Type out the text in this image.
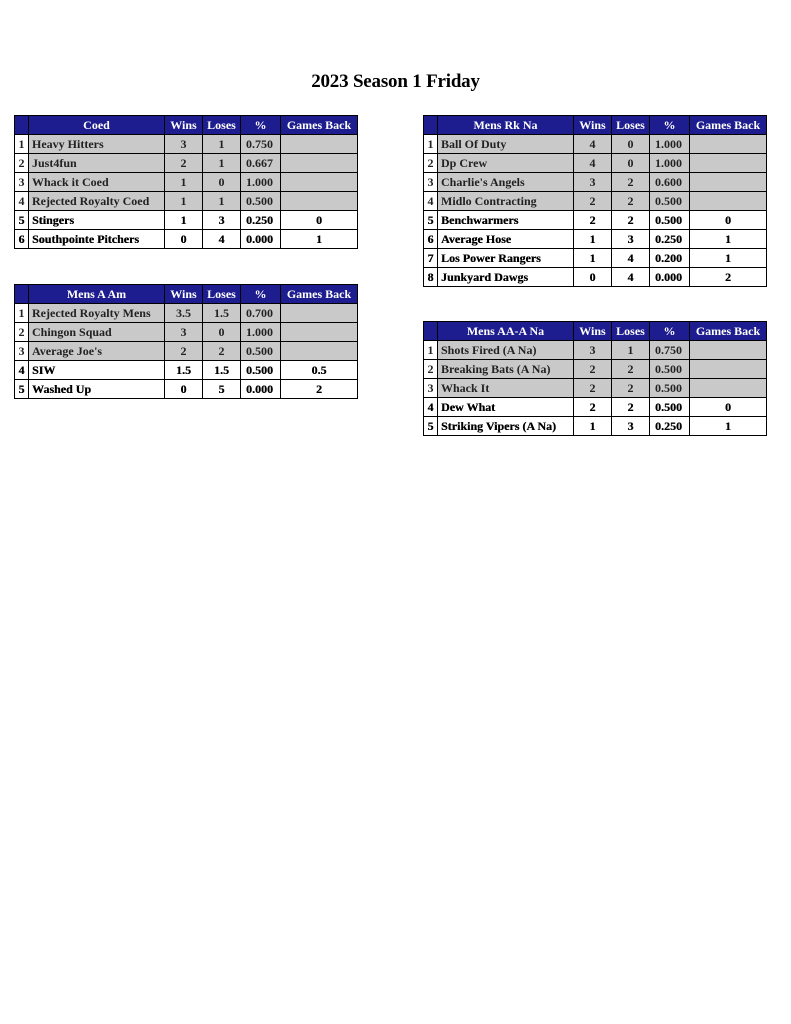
2023 Season 1 Friday
	Coed	Wins	Loses	%	Games Back
1	Heavy Hitters	3	1	0.750	
2	Just4fun	2	1	0.667	
3	Whack it Coed	1	0	1.000	
4	Rejected Royalty Coed	1	1	0.500	
5	Stingers	1	3	0.250	0
6	Southpointe Pitchers	0	4	0.000	1
	Mens Rk Na	Wins	Loses	%	Games Back
1	Ball Of Duty	4	0	1.000	
2	Dp Crew	4	0	1.000	
3	Charlie's Angels	3	2	0.600	
4	Midlo Contracting	2	2	0.500	
5	Benchwarmers	2	2	0.500	0
6	Average Hose	1	3	0.250	1
7	Los Power Rangers	1	4	0.200	1
8	Junkyard Dawgs	0	4	0.000	2
	Mens A Am	Wins	Loses	%	Games Back
1	Rejected Royalty Mens	3.5	1.5	0.700	
2	Chingon Squad	3	0	1.000	
3	Average Joe's	2	2	0.500	
4	SIW	1.5	1.5	0.500	0.5
5	Washed Up	0	5	0.000	2
	Mens AA-A Na	Wins	Loses	%	Games Back
1	Shots Fired (A Na)	3	1	0.750	
2	Breaking Bats (A Na)	2	2	0.500	
3	Whack It	2	2	0.500	
4	Dew What	2	2	0.500	0
5	Striking Vipers (A Na)	1	3	0.250	1
